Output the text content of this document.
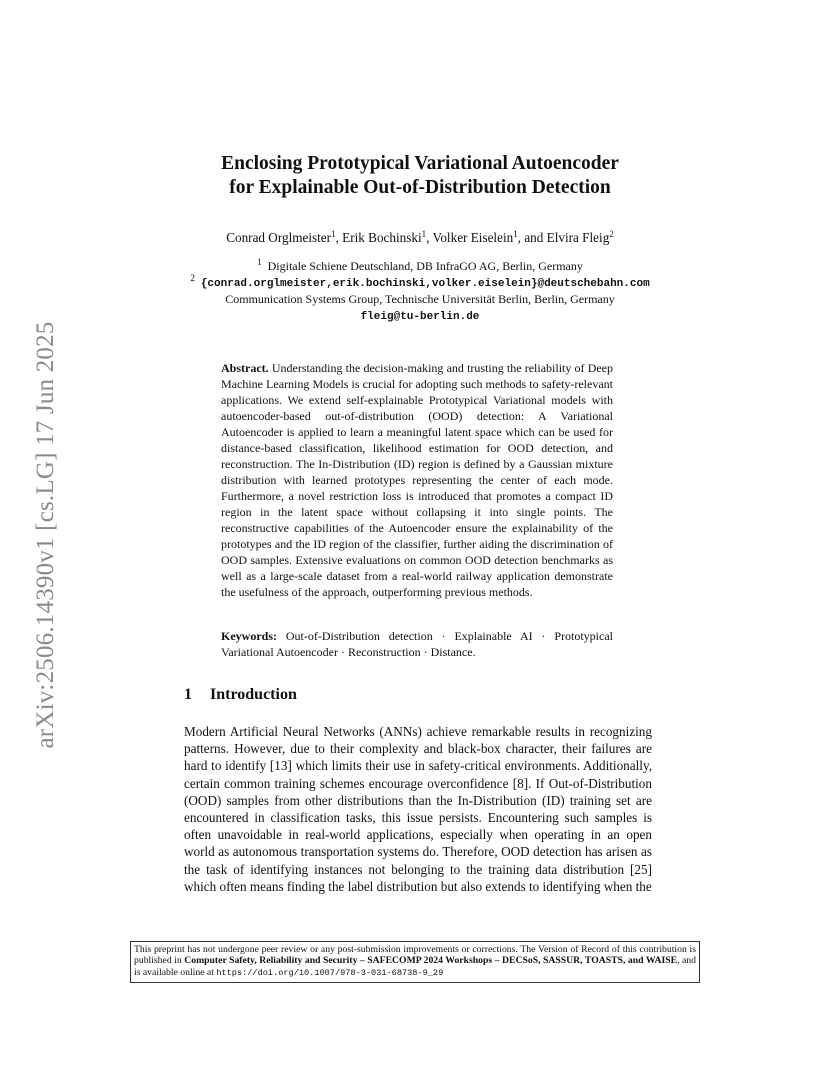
arXiv:2506.14390v1 [cs.LG] 17 Jun 2025
Enclosing Prototypical Variational Autoencoder
for Explainable Out-of-Distribution Detection
Conrad Orglmeister$^1$, Erik Bochinski$^1$, Volker Eiselein$^1$, and Elvira Fleig$^2$
$^1$ Digitale Schiene Deutschland, DB InfraGO AG, Berlin, Germany
$^2$ {conrad.orglmeister,erik.bochinski,volker.eiselein}@deutschebahn.com
Communication Systems Group, Technische Universität Berlin, Berlin, Germany
fleig@tu-berlin.de

Abstract. Understanding the decision-making and trusting the reliability of Deep Machine Learning Models is crucial for adopting such methods to safety-relevant applications. We extend self-explainable Prototypical Variational models with autoencoder-based out-of-distribution (OOD) detection: A Variational Autoencoder is applied to learn a meaningful latent space which can be used for distance-based classification, likelihood estimation for OOD detection, and reconstruction. The In-Distribution (ID) region is defined by a Gaussian mixture distribution with learned prototypes representing the center of each mode. Furthermore, a novel restriction loss is introduced that promotes a compact ID region in the latent space without collapsing it into single points. The reconstructive capabilities of the Autoencoder ensure the explainability of the prototypes and the ID region of the classifier, further aiding the discrimination of OOD samples. Extensive evaluations on common OOD detection benchmarks as well as a large-scale dataset from a real-world railway application demonstrate the usefulness of the approach, outperforming previous methods.

Keywords: Out-of-Distribution detection · Explainable AI · Prototypical Variational Autoencoder · Reconstruction · Distance.

1 Introduction

Modern Artificial Neural Networks (ANNs) achieve remarkable results in recognizing patterns. However, due to their complexity and black-box character, their failures are hard to identify [13] which limits their use in safety-critical environments. Additionally, certain common training schemes encourage overconfidence [8]. If Out-of-Distribution (OOD) samples from other distributions than the In-Distribution (ID) training set are encountered in classification tasks, this issue persists. Encountering such samples is often unavoidable in real-world applications, especially when operating in an open world as autonomous transportation systems do. Therefore, OOD detection has arisen as the task of identifying instances not belonging to the training data distribution [25] which often means finding the label distribution but also extends to identifying when the

This preprint has not undergone peer review or any post-submission improvements or corrections. The Version of Record of this contribution is published in Computer Safety, Reliability and Security – SAFECOMP 2024 Workshops – DECSoS, SASSUR, TOASTS, and WAISE, and is available online at https://doi.org/10.1007/978-3-031-68738-9_29
